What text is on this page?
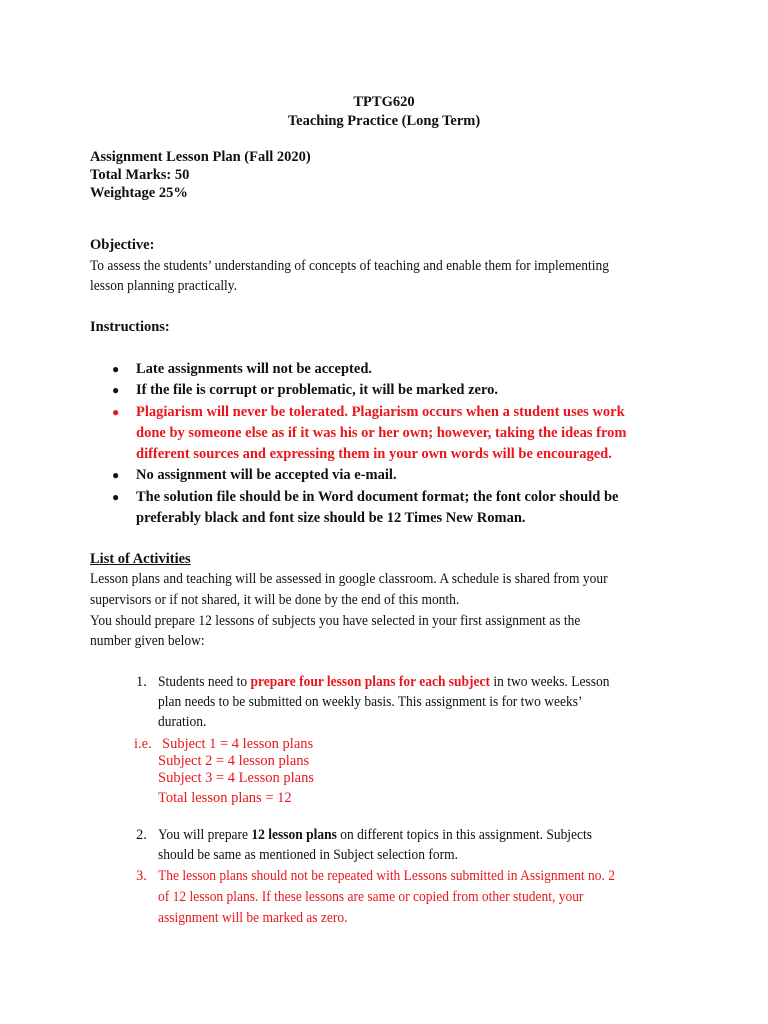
TPTG620
Teaching Practice (Long Term)
Assignment Lesson Plan (Fall 2020)
Total Marks: 50
Weightage 25%
Objective:
To assess the students’ understanding of concepts of teaching and enable them for implementing
lesson planning practically.
Instructions:
● Late assignments will not be accepted.
● If the file is corrupt or problematic, it will be marked zero.
● Plagiarism will never be tolerated. Plagiarism occurs when a student uses work
done by someone else as if it was his or her own; however, taking the ideas from
different sources and expressing them in your own words will be encouraged.
● No assignment will be accepted via e-mail.
● The solution file should be in Word document format; the font color should be
preferably black and font size should be 12 Times New Roman.
List of Activities
Lesson plans and teaching will be assessed in google classroom. A schedule is shared from your
supervisors or if not shared, it will be done by the end of this month.
You should prepare 12 lessons of subjects you have selected in your first assignment as the
number given below:
1. Students need to prepare four lesson plans for each subject in two weeks. Lesson
plan needs to be submitted on weekly basis. This assignment is for two weeks’
duration.
i.e. Subject 1 = 4 lesson plans
Subject 2 = 4 lesson plans
Subject 3 = 4 Lesson plans
Total lesson plans = 12
2. You will prepare 12 lesson plans on different topics in this assignment. Subjects
should be same as mentioned in Subject selection form.
3. The lesson plans should not be repeated with Lessons submitted in Assignment no. 2
of 12 lesson plans. If these lessons are same or copied from other student, your
assignment will be marked as zero.
